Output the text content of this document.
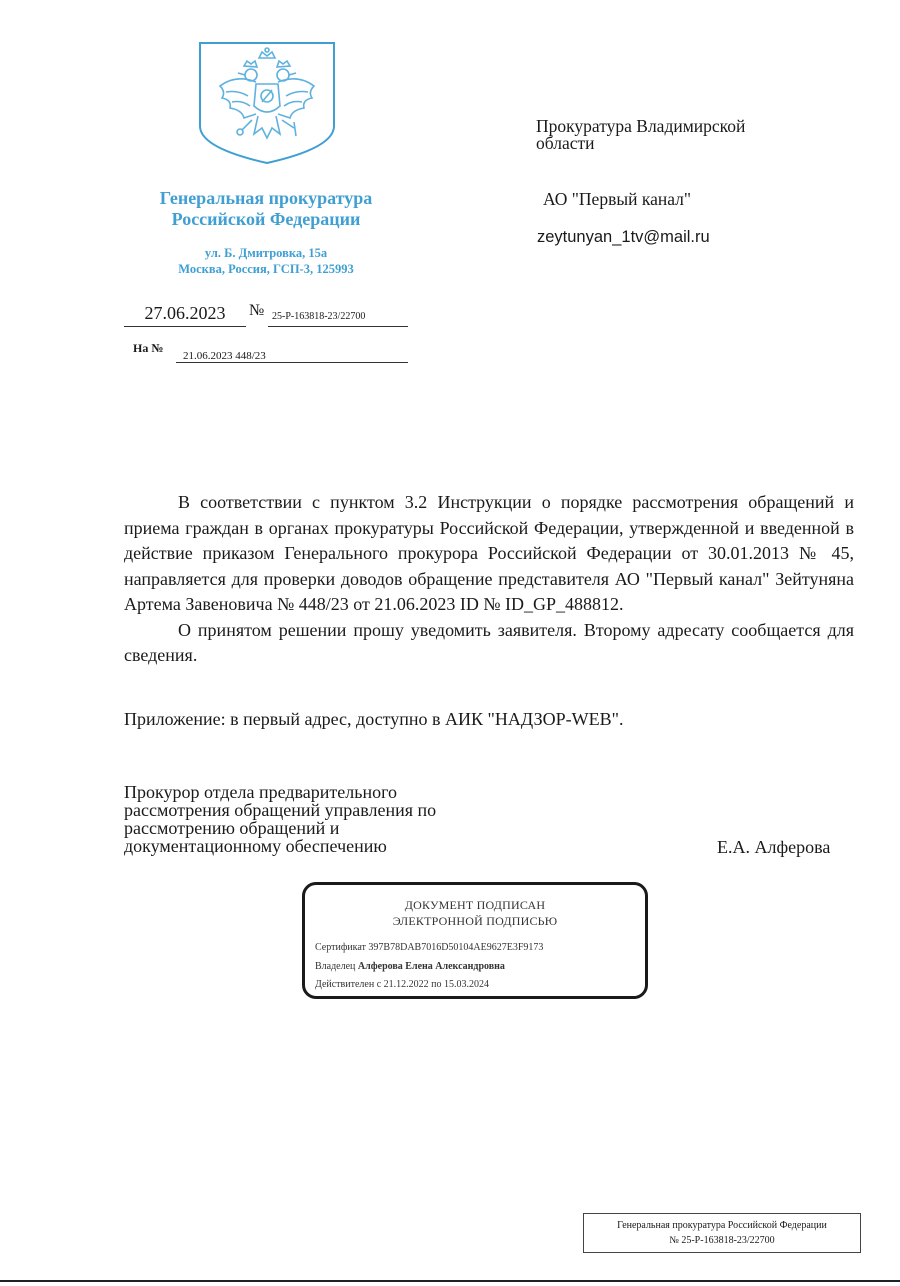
Генеральная прокуратура
Российской Федерации
ул. Б. Дмитровка, 15а
Москва, Россия, ГСП-3, 125993
27.06.2023	№ 25-Р-163818-23/22700
На №
21.06.2023 448/23
Прокуратура Владимирской
области
АО "Первый канал"
zeytunyan_1tv@mail.ru

В соответствии с пунктом 3.2 Инструкции о порядке рассмотрения обращений и приема граждан в органах прокуратуры Российской Федерации, утвержденной и введенной в действие приказом Генерального прокурора Российской Федерации от 30.01.2013 № 45, направляется для проверки доводов обращение представителя АО "Первый канал" Зейтуняна Артема Завеновича № 448/23 от 21.06.2023 ID № ID_GP_488812.

О принятом решении прошу уведомить заявителя. Второму адресату сообщается для сведения.

Приложение: в первый адрес, доступно в АИК "НАДЗОР-WEB".
Прокурор отдела предварительного
рассмотрения обращений управления по
рассмотрению обращений и
документационному обеспечению	Е.А. Алферова
ДОКУМЕНТ ПОДПИСАН
ЭЛЕКТРОННОЙ ПОДПИСЬЮ
Сертификат 397B78DAB7016D50104AE9627E3F9173
Владелец Алферова Елена Александровна
Действителен с 21.12.2022 по 15.03.2024
Генеральная прокуратура Российской Федерации
№ 25-Р-163818-23/22700
